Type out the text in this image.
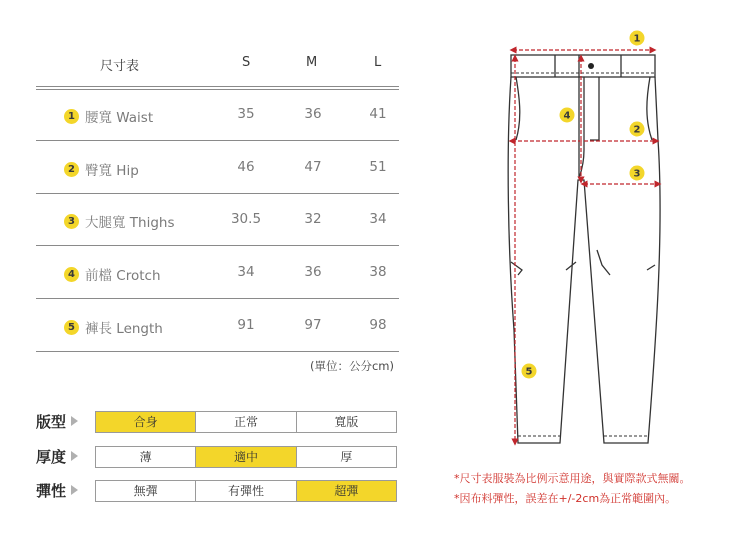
尺寸表	S	M	L
1 腰寬 Waist	35	36	41
2 臀寬 Hip	46	47	51
3 大腿寬 Thighs	30.5	32	34
4 前檔 Crotch	34	36	38
5 褲長 Length	91	97	98
(單位：公分cm)
版型	合身	正常	寬版
厚度	薄	適中	厚
彈性	無彈	有彈性	超彈
1
2
3
4
5
*尺寸表服裝為比例示意用途，與實際款式無關。
*因布料彈性，誤差在+/-2cm為正常範圍內。
